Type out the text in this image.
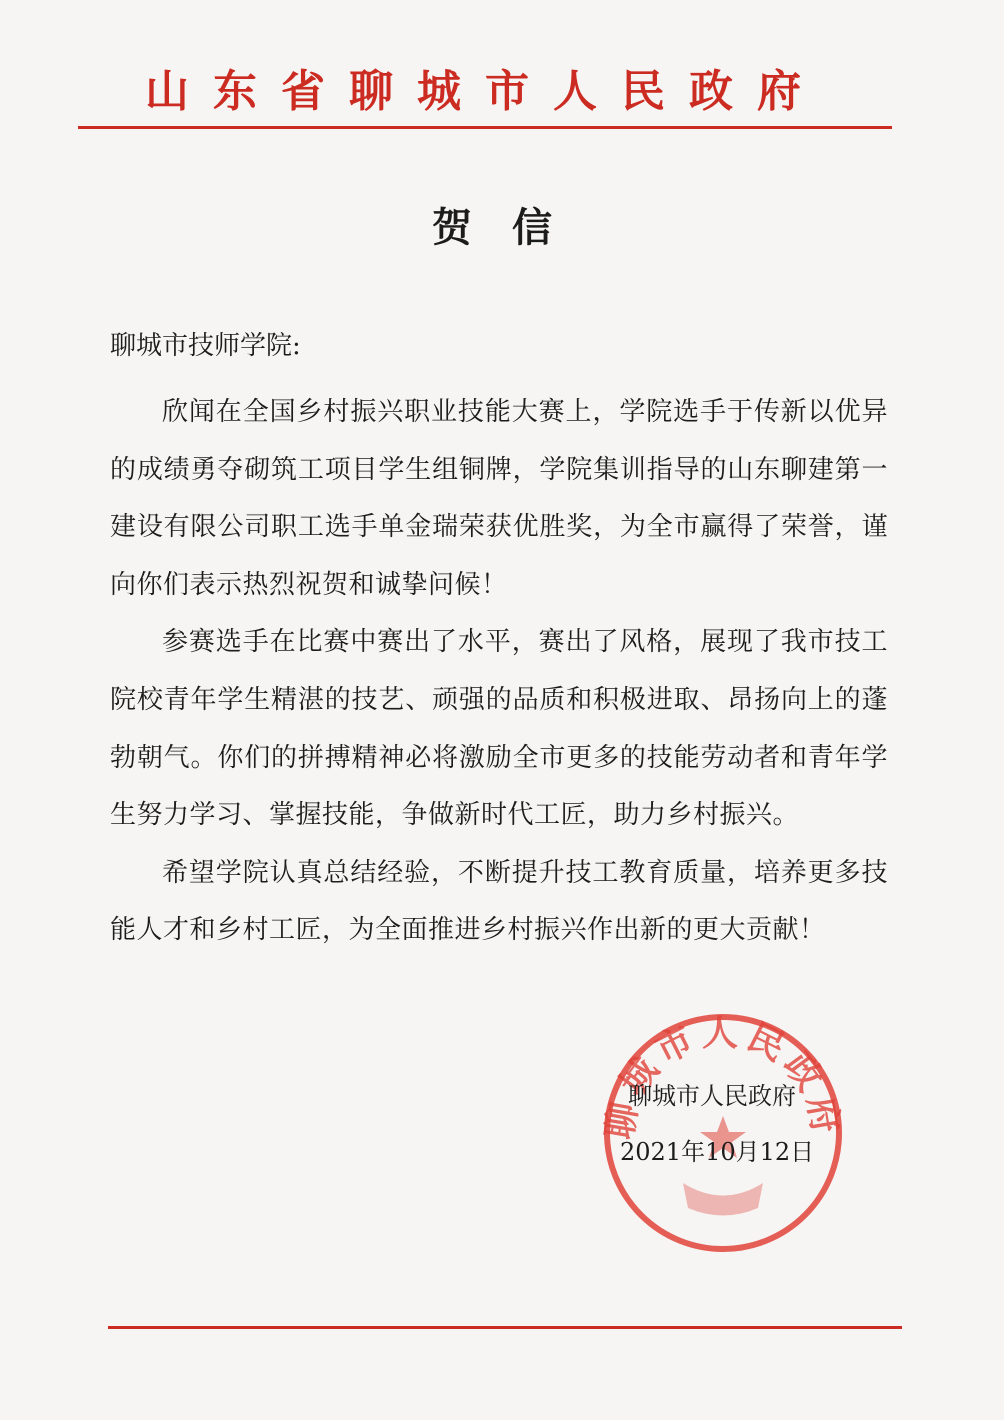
山东省聊城市人民政府
贺信
聊城市技师学院:

欣闻在全国乡村振兴职业技能大赛上，学院选手于传新以优异的成绩勇夺砌筑工项目学生组铜牌，学院集训指导的山东聊建第一建设有限公司职工选手单金瑞荣获优胜奖，为全市赢得了荣誉，谨向你们表示热烈祝贺和诚挚问候！

参赛选手在比赛中赛出了水平，赛出了风格，展现了我市技工院校青年学生精湛的技艺、顽强的品质和积极进取、昂扬向上的蓬勃朝气。你们的拼搏精神必将激励全市更多的技能劳动者和青年学生努力学习、掌握技能，争做新时代工匠，助力乡村振兴。

希望学院认真总结经验，不断提升技工教育质量，培养更多技能人才和乡村工匠，为全面推进乡村振兴作出新的更大贡献！

聊城市人民政府
聊城市人民政府
2021年10月12日
